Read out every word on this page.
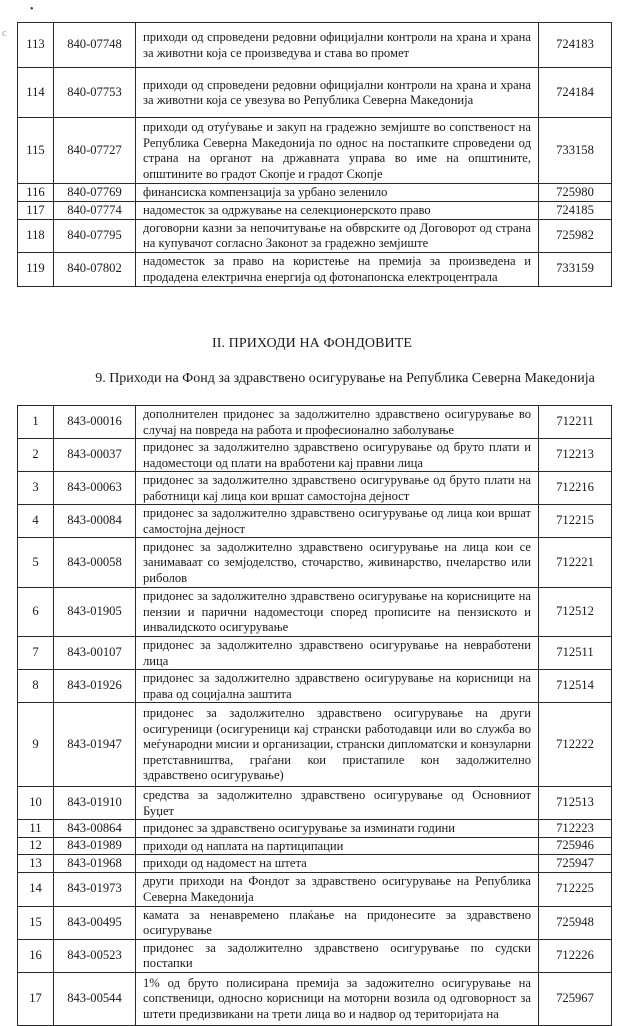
•
c
113	840-07748	приходи од спроведени редовни официјални контроли на храна и храна за животни која се произведува и става во промет	724183
114	840-07753	приходи од спроведени редовни официјални контроли на храна и храна за животни која се увезува во Република Северна Македонија	724184
115	840-07727	приходи од отуѓување и закуп на градежно земјиште во сопственост на Република Северна Македонија по однос на постапките спроведени од страна на органот на државната управа во име на општините, општините во градот Скопје и градот Скопје	733158
116	840-07769	финансиска компензација за урбано зеленило	725980
117	840-07774	надоместок за одржување на селекционерското право	724185
118	840-07795	договорни казни за непочитување на обврските од Договорот од страна на купувачот согласно Законот за градежно земјиште	725982
119	840-07802	надоместок за право на користење на премија за произведена и продадена електрична енергија од фотонапонска електроцентрала	733159
II. ПРИХОДИ НА ФОНДОВИТЕ
9. Приходи на Фонд за здравствено осигурување на Република Северна Македонија
1	843-00016	дополнителен придонес за задолжително здравствено осигурување во случај на повреда на работа и професионално заболување	712211
2	843-00037	придонес за задолжително здравствено осигурување од бруто плати и надоместоци од плати на вработени кај правни лица	712213
3	843-00063	придонес за задолжително здравствено осигурување од бруто плати на работници кај лица кои вршат самостојна дејност	712216
4	843-00084	придонес за задолжително здравствено осигурување од лица кои вршат самостојна дејност	712215
5	843-00058	придонес за задолжително здравствено осигурување на лица кои се занимаваат со земјоделство, сточарство, живинарство, пчеларство или риболов	712221
6	843-01905	придонес за задолжително здравствено осигурување на корисниците на пензии и парични надоместоци според прописите на пензиското и инвалидското осигурување	712512
7	843-00107	придонес за задолжително здравствено осигурување на невработени лица	712511
8	843-01926	придонес за задолжително здравствено осигурување на корисници на права од социјална заштита	712514
9	843-01947	придонес за задолжително здравствено осигурување на други осигуреници (осигуреници кај странски работодавци или во служба во меѓународни мисии и организации, странски дипломатски и конзуларни претставништва, граѓани кои пристапиле кон задолжително здравствено осигурување)	712222
10	843-01910	средства за задолжително здравствено осигурување од Основниот Буџет	712513
11	843-00864	придонес за здравствено осигурување за изминати години	712223
12	843-01989	приходи од наплата на партиципации	725946
13	843-01968	приходи од надомест на штета	725947
14	843-01973	други приходи на Фондот за здравствено осигурување на Република Северна Македонија	712225
15	843-00495	камата за ненавремено плаќање на придонесите за здравствено осигурување	725948
16	843-00523	придонес за задолжително здравствено осигурување по судски постапки	712226
17	843-00544	1% од бруто полисирана премија за задожително осигурување на сопственици, односно корисници на моторни возила од одговорност за штети предизвикани на трети лица во и надвор од територијата на	725967
